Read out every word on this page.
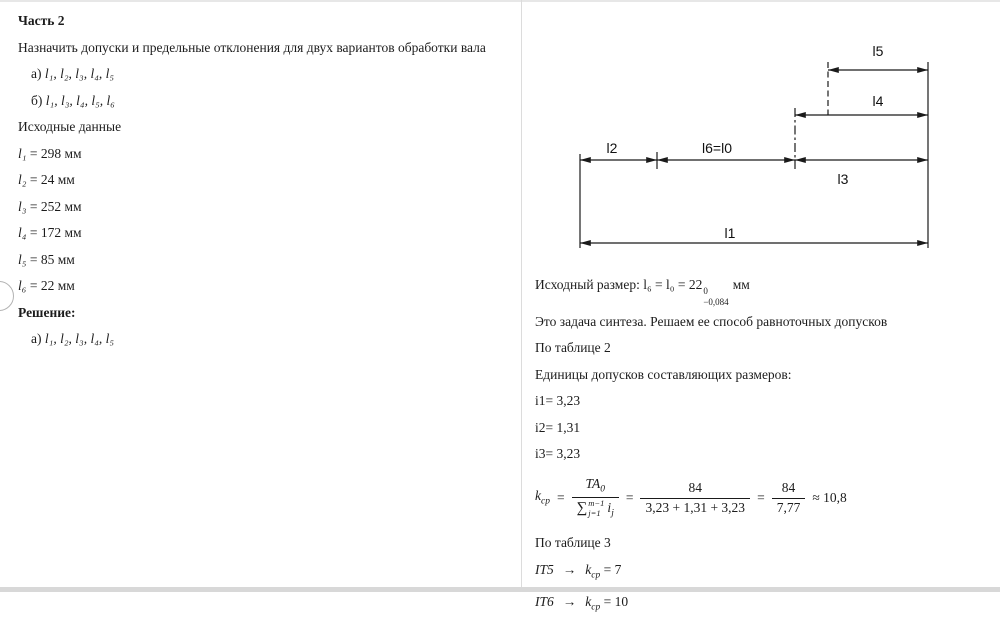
Часть 2

Назначить допуски и предельные отклонения для двух вариантов обработки вала

а) l₁, l₂, l₃, l₄, l₅

б) l₁, l₃, l₄, l₅, l₆

Исходные данные

l₁ = 298 мм

l₂ = 24 мм

l₃ = 252 мм

l₄ = 172 мм

l₅ = 85 мм

l₆ = 22 мм

Решение:

а) l₁, l₂, l₃, l₄, l₅

l5
l4
l2	l6=l0
l3
l1

Исходный размер: l₆ = l₀ = 22 0
−0,084
мм

Это задача синтеза. Решаем ее способ равноточных допусков

По таблице 2

Единицы допусков составляющих размеров:

i1= 3,23

i2= 1,31

i3= 3,23

$k_{ср} = TA_0$
∑ m−1
j=1 $i_j = \frac{84}{3,23 + 1,31 + 3,23} = \frac{84}{7,77} \approx 10,8$

По таблице 3

$IT5 \to k_{ср} = 7$

$IT6 \to k_{ср} = 10$
